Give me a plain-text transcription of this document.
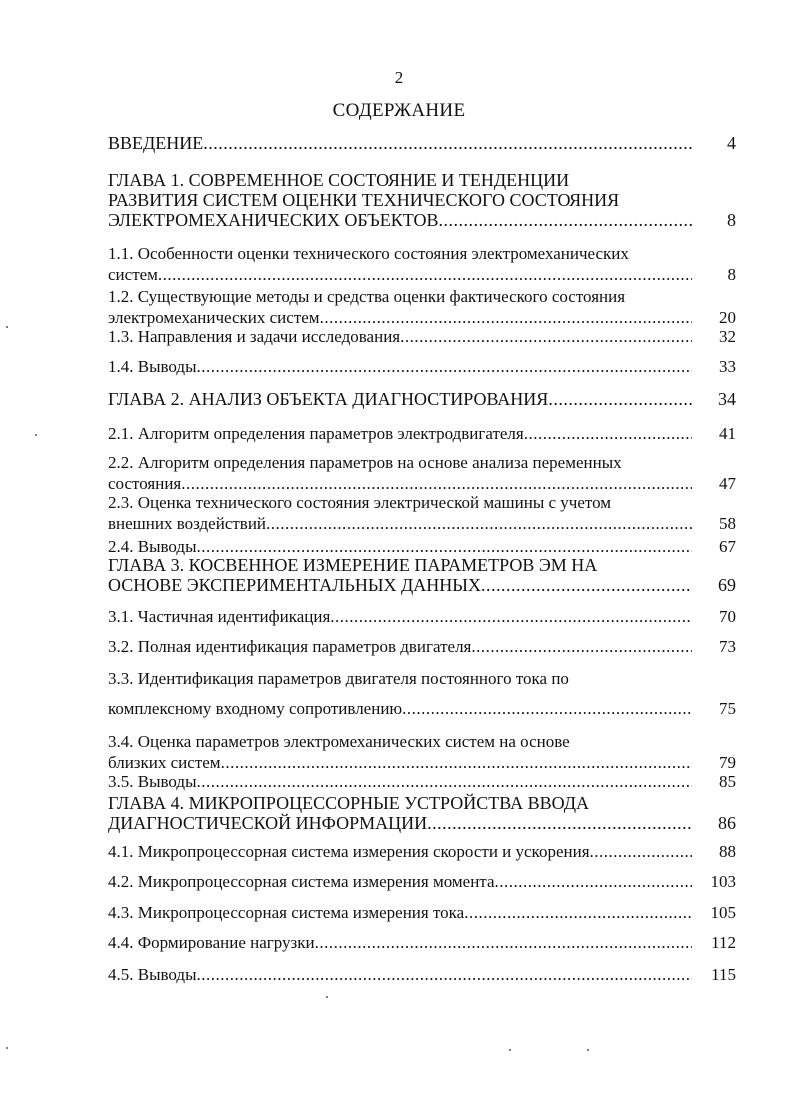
2
СОДЕРЖАНИЕ
ВВЕДЕНИЕ .....	4
ГЛАВА 1. СОВРЕМЕННОЕ СОСТОЯНИЕ И ТЕНДЕНЦИИ
РАЗВИТИЯ СИСТЕМ ОЦЕНКИ ТЕХНИЧЕСКОГО СОСТОЯНИЯ
ЭЛЕКТРОМЕХАНИЧЕСКИХ ОБЪЕКТОВ .....	8
1.1. Особенности оценки технического состояния электромеханических
систем .....	8
1.2. Существующие методы и средства оценки фактического состояния
электромеханических систем .....	20
1.3. Направления и задачи исследования .....	32
1.4. Выводы .....	33
ГЛАВА 2. АНАЛИЗ ОБЪЕКТА ДИАГНОСТИРОВАНИЯ .....	34
2.1. Алгоритм определения параметров электродвигателя .....	41
2.2. Алгоритм определения параметров на основе анализа переменных
состояния .....	47
2.3. Оценка технического состояния электрической машины с учетом
внешних воздействий .....	58
2.4. Выводы .....	67
ГЛАВА 3. КОСВЕННОЕ ИЗМЕРЕНИЕ ПАРАМЕТРОВ ЭМ НА
ОСНОВЕ ЭКСПЕРИМЕНТАЛЬНЫХ ДАННЫХ .....	69
3.1. Частичная идентификация .....	70
3.2. Полная идентификация параметров двигателя .....	73
3.3. Идентификация параметров двигателя постоянного тока по
комплексному входному сопротивлению .....	75
3.4. Оценка параметров электромеханических систем на основе
близких систем .....	79
3.5. Выводы .....	85
ГЛАВА 4. МИКРОПРОЦЕССОРНЫЕ УСТРОЙСТВА ВВОДА
ДИАГНОСТИЧЕСКОЙ ИНФОРМАЦИИ .....	86
4.1. Микропроцессорная система измерения скорости и ускорения .....	88
4.2. Микропроцессорная система измерения момента .....	103
4.3. Микропроцессорная система измерения тока .....	105
4.4. Формирование нагрузки .....	112
4.5. Выводы .....	115
